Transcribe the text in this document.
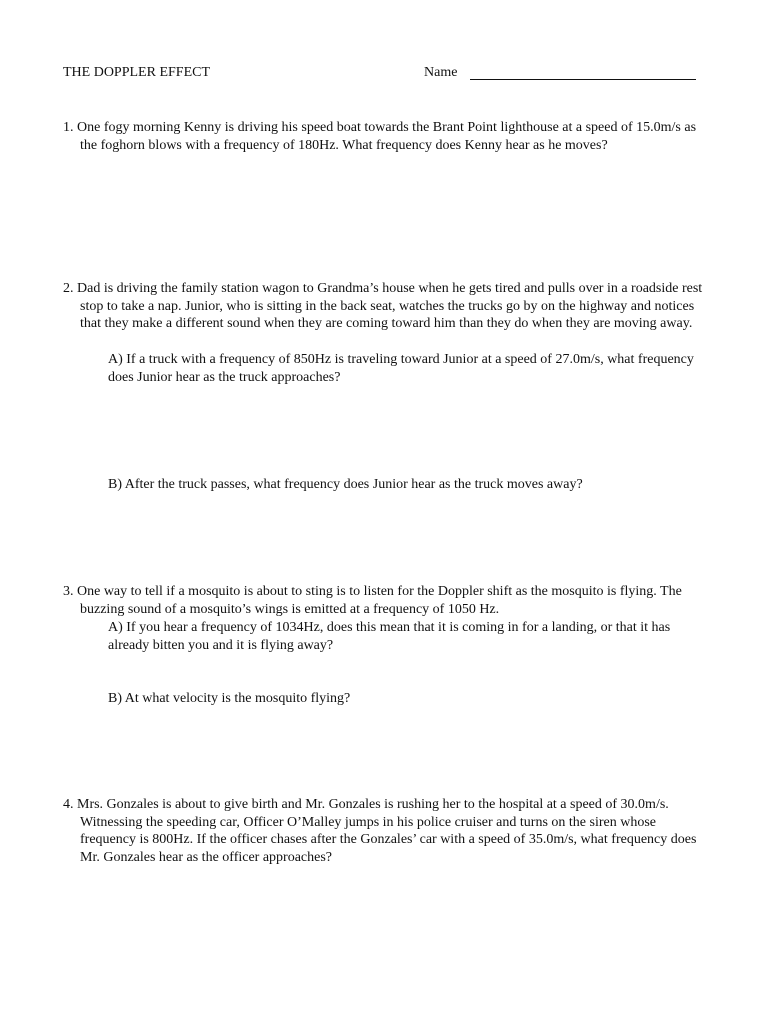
THE DOPPLER EFFECT	Name
1. One fogy morning Kenny is driving his speed boat towards the Brant Point lighthouse at a speed of 15.0m/s as the foghorn blows with a frequency of 180Hz. What frequency does Kenny hear as he moves?
2. Dad is driving the family station wagon to Grandma’s house when he gets tired and pulls over in a roadside rest stop to take a nap. Junior, who is sitting in the back seat, watches the trucks go by on the highway and notices that they make a different sound when they are coming toward him than they do when they are moving away.
A) If a truck with a frequency of 850Hz is traveling toward Junior at a speed of 27.0m/s, what frequency does Junior hear as the truck approaches?
B) After the truck passes, what frequency does Junior hear as the truck moves away?
3. One way to tell if a mosquito is about to sting is to listen for the Doppler shift as the mosquito is flying. The buzzing sound of a mosquito’s wings is emitted at a frequency of 1050 Hz.
A) If you hear a frequency of 1034Hz, does this mean that it is coming in for a landing, or that it has already bitten you and it is flying away?
B) At what velocity is the mosquito flying?
4. Mrs. Gonzales is about to give birth and Mr. Gonzales is rushing her to the hospital at a speed of 30.0m/s. Witnessing the speeding car, Officer O’Malley jumps in his police cruiser and turns on the siren whose frequency is 800Hz. If the officer chases after the Gonzales’ car with a speed of 35.0m/s, what frequency does Mr. Gonzales hear as the officer approaches?
